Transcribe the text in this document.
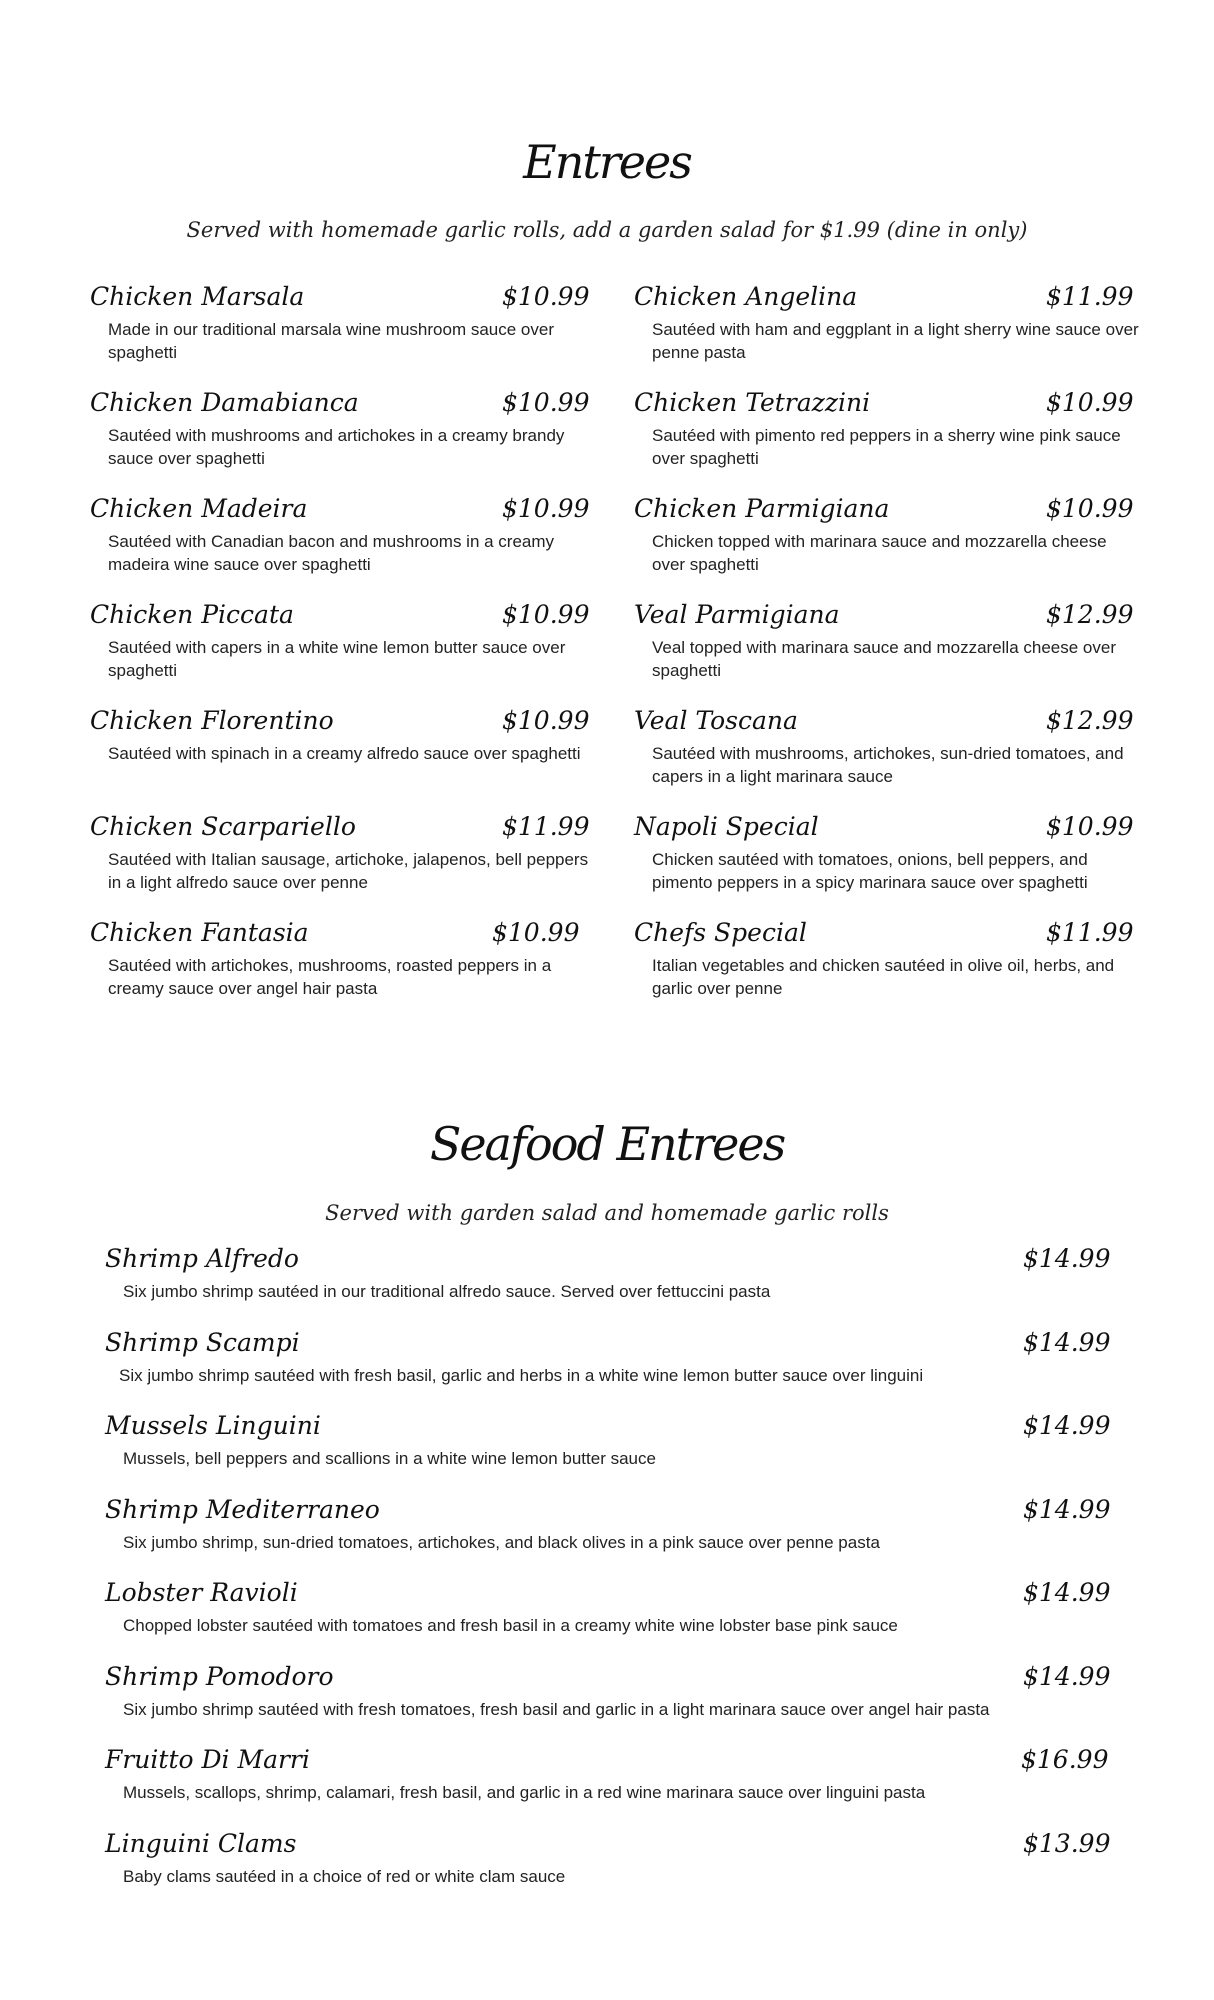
Entrees
Served with homemade garlic rolls, add a garden salad for $1.99 (dine in only)
Chicken Marsala	$10.99
Made in our traditional marsala wine mushroom sauce over spaghetti
Chicken Damabianca	$10.99
Sautéed with mushrooms and artichokes in a creamy brandy sauce over spaghetti
Chicken Madeira	$10.99
Sautéed with Canadian bacon and mushrooms in a creamy madeira wine sauce over spaghetti
Chicken Piccata	$10.99
Sautéed with capers in a white wine lemon butter sauce over spaghetti
Chicken Florentino	$10.99
Sautéed with spinach in a creamy alfredo sauce over spaghetti
Chicken Scarpariello	$11.99
Sautéed with Italian sausage, artichoke, jalapenos, bell peppers in a light alfredo sauce over penne
Chicken Fantasia	$10.99
Sautéed with artichokes, mushrooms, roasted peppers in a creamy sauce over angel hair pasta
Chicken Angelina	$11.99
Sautéed with ham and eggplant in a light sherry wine sauce over penne pasta
Chicken Tetrazzini	$10.99
Sautéed with pimento red peppers in a sherry wine pink sauce over spaghetti
Chicken Parmigiana	$10.99
Chicken topped with marinara sauce and mozzarella cheese over spaghetti
Veal Parmigiana	$12.99
Veal topped with marinara sauce and mozzarella cheese over spaghetti
Veal Toscana	$12.99
Sautéed with mushrooms, artichokes, sun-dried tomatoes, and capers in a light marinara sauce
Napoli Special	$10.99
Chicken sautéed with tomatoes, onions, bell peppers, and pimento peppers in a spicy marinara sauce over spaghetti
Chefs Special	$11.99
Italian vegetables and chicken sautéed in olive oil, herbs, and garlic over penne
Seafood Entrees
Served with garden salad and homemade garlic rolls
Shrimp Alfredo	$14.99
Six jumbo shrimp sautéed in our traditional alfredo sauce. Served over fettuccini pasta
Shrimp Scampi	$14.99
Six jumbo shrimp sautéed with fresh basil, garlic and herbs in a white wine lemon butter sauce over linguini
Mussels Linguini	$14.99
Mussels, bell peppers and scallions in a white wine lemon butter sauce
Shrimp Mediterraneo	$14.99
Six jumbo shrimp, sun-dried tomatoes, artichokes, and black olives in a pink sauce over penne pasta
Lobster Ravioli	$14.99
Chopped lobster sautéed with tomatoes and fresh basil in a creamy white wine lobster base pink sauce
Shrimp Pomodoro	$14.99
Six jumbo shrimp sautéed with fresh tomatoes, fresh basil and garlic in a light marinara sauce over angel hair pasta
Fruitto Di Marri	$16.99
Mussels, scallops, shrimp, calamari, fresh basil, and garlic in a red wine marinara sauce over linguini pasta
Linguini Clams	$13.99
Baby clams sautéed in a choice of red or white clam sauce
